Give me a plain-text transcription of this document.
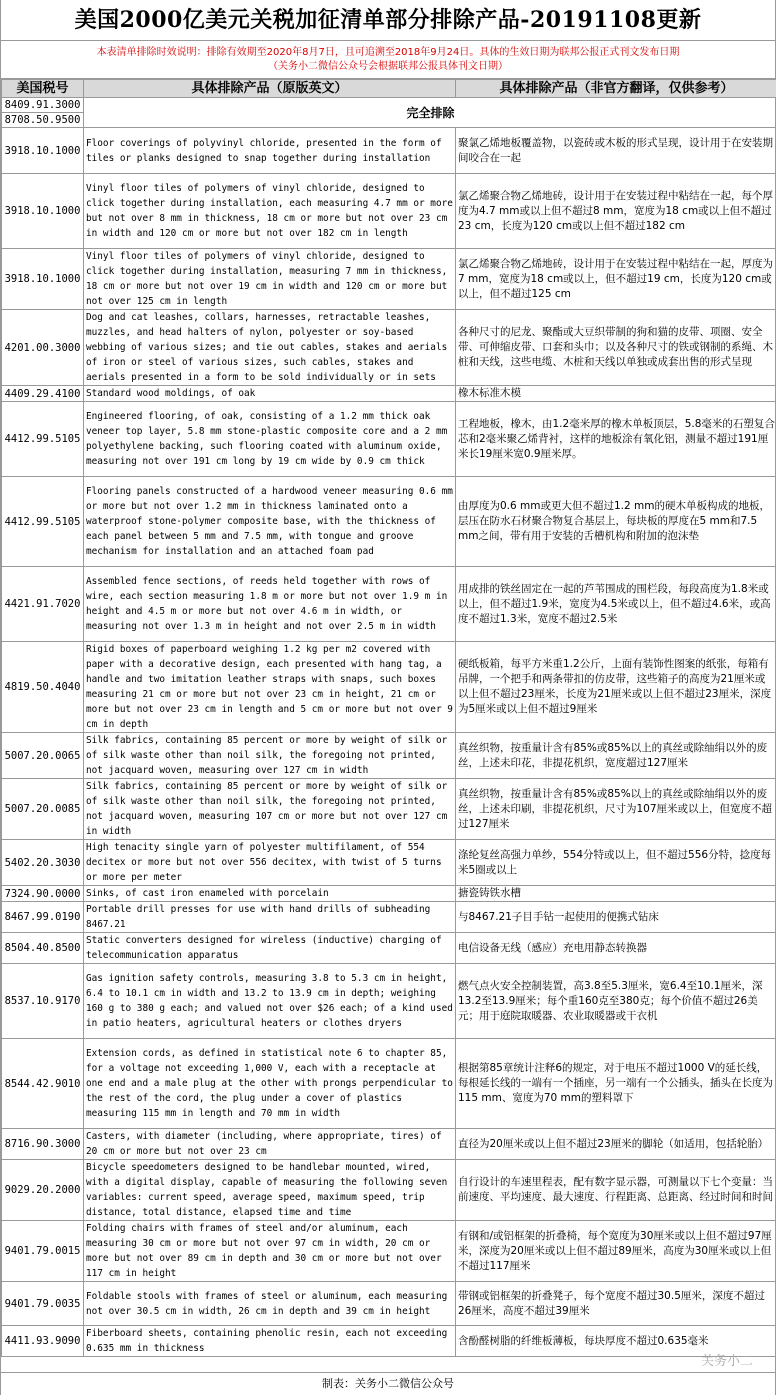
美国2000亿美元关税加征清单部分排除产品-20191108更新
本表清单排除时效说明：排除有效期至2020年8月7日，且可追溯至2018年9月24日。具体的生效日期为联邦公报正式刊文发布日期
（关务小二微信公众号会根据联邦公报具体刊文日期）
美国税号	具体排除产品（原版英文）	具体排除产品（非官方翻译，仅供参考）
8409.91.3000	完全排除	
8708.50.9500		
3918.10.1000	Floor coverings of polyvinyl chloride, presented in the form of tiles or planks designed to snap together during installation	聚氯乙烯地板覆盖物，以瓷砖或木板的形式呈现，设计用于在安装期间咬合在一起
3918.10.1000	Vinyl floor tiles of polymers of vinyl chloride, designed to click together during installation, each measuring 4.7 mm or more but not over 8 mm in thickness, 18 cm or more but not over 23 cm in width and 120 cm or more but not over 182 cm in length	氯乙烯聚合物乙烯地砖，设计用于在安装过程中粘结在一起，每个厚度为4.7 mm或以上但不超过8 mm，宽度为18 cm或以上但不超过23 cm，长度为120 cm或以上但不超过182 cm
3918.10.1000	Vinyl floor tiles of polymers of vinyl chloride, designed to click together during installation, measuring 7 mm in thickness, 18 cm or more but not over 19 cm in width and 120 cm or more but not over 125 cm in length	氯乙烯聚合物乙烯地砖，设计用于在安装过程中粘结在一起，厚度为7 mm，宽度为18 cm或以上，但不超过19 cm，长度为120 cm或以上，但不超过125 cm
4201.00.3000	Dog and cat leashes, collars, harnesses, retractable leashes, muzzles, and head halters of nylon, polyester or soy-based webbing of various sizes; and tie out cables, stakes and aerials of iron or steel of various sizes, such cables, stakes and aerials presented in a form to be sold individually or in sets	各种尺寸的尼龙、聚酯或大豆织带制的狗和猫的皮带、项圈、安全带、可伸缩皮带、口套和头巾；以及各种尺寸的铁或钢制的系绳、木桩和天线，这些电缆、木桩和天线以单独或成套出售的形式呈现
4409.29.4100	Standard wood moldings, of oak	橡木标准木模
4412.99.5105	Engineered flooring, of oak, consisting of a 1.2 mm thick oak veneer top layer, 5.8 mm stone-plastic composite core and a 2 mm polyethylene backing, such flooring coated with aluminum oxide, measuring not over 191 cm long by 19 cm wide by 0.9 cm thick	工程地板，橡木，由1.2毫米厚的橡木单板顶层，5.8毫米的石塑复合芯和2毫米聚乙烯背衬，这样的地板涂有氧化铝，测量不超过191厘米长19厘米宽0.9厘米厚。
4412.99.5105	Flooring panels constructed of a hardwood veneer measuring 0.6 mm or more but not over 1.2 mm in thickness laminated onto a waterproof stone-polymer composite base, with the thickness of each panel between 5 mm and 7.5 mm, with tongue and groove mechanism for installation and an attached foam pad	由厚度为0.6 mm或更大但不超过1.2 mm的硬木单板构成的地板，层压在防水石材聚合物复合基层上，每块板的厚度在5 mm和7.5 mm之间，带有用于安装的舌槽机构和附加的泡沫垫
4421.91.7020	Assembled fence sections, of reeds held together with rows of wire, each section measuring 1.8 m or more but not over 1.9 m in height and 4.5 m or more but not over 4.6 m in width, or measuring not over 1.3 m in height and not over 2.5 m in width	用成排的铁丝固定在一起的芦苇围成的围栏段，每段高度为1.8米或以上，但不超过1.9米，宽度为4.5米或以上，但不超过4.6米，或高度不超过1.3米，宽度不超过2.5米
4819.50.4040	Rigid boxes of paperboard weighing 1.2 kg per m2 covered with paper with a decorative design, each presented with hang tag, a handle and two imitation leather straps with snaps, such boxes measuring 21 cm or more but not over 23 cm in height, 21 cm or more but not over 23 cm in length and 5 cm or more but not over 9 cm in depth	硬纸板箱，每平方米重1.2公斤，上面有装饰性图案的纸张，每箱有吊牌，一个把手和两条带扣的仿皮带，这些箱子的高度为21厘米或以上但不超过23厘米，长度为21厘米或以上但不超过23厘米，深度为5厘米或以上但不超过9厘米
5007.20.0065	Silk fabrics, containing 85 percent or more by weight of silk or of silk waste other than noil silk, the foregoing not printed, not jacquard woven, measuring over 127 cm in width	真丝织物，按重量计含有85%或85%以上的真丝或除䌷绢以外的废丝，上述未印花，非提花机织，宽度超过127厘米
5007.20.0085	Silk fabrics, containing 85 percent or more by weight of silk or of silk waste other than noil silk, the foregoing not printed, not jacquard woven, measuring 107 cm or more but not over 127 cm in width	真丝织物，按重量计含有85%或85%以上的真丝或除䌷绢以外的废丝，上述未印刷，非提花机织，尺寸为107厘米或以上，但宽度不超过127厘米
5402.20.3030	High tenacity single yarn of polyester multifilament, of 554 decitex or more but not over 556 decitex, with twist of 5 turns or more per meter	涤纶复丝高强力单纱，554分特或以上，但不超过556分特，捻度每米5圈或以上
7324.90.0000	Sinks, of cast iron enameled with porcelain	搪瓷铸铁水槽
8467.99.0190	Portable drill presses for use with hand drills of subheading 8467.21	与8467.21子目手钻一起使用的便携式钻床
8504.40.8500	Static converters designed for wireless (inductive) charging of telecommunication apparatus	电信设备无线（感应）充电用静态转换器
8537.10.9170	Gas ignition safety controls, measuring 3.8 to 5.3 cm in height, 6.4 to 10.1 cm in width and 13.2 to 13.9 cm in depth; weighing 160 g to 380 g each; and valued not over $26 each; of a kind used in patio heaters, agricultural heaters or clothes dryers	燃气点火安全控制装置，高3.8至5.3厘米，宽6.4至10.1厘米，深13.2至13.9厘米；每个重160克至380克；每个价值不超过26美元；用于庭院取暖器、农业取暖器或干衣机
8544.42.9010	Extension cords, as defined in statistical note 6 to chapter 85, for a voltage not exceeding 1,000 V, each with a receptacle at one end and a male plug at the other with prongs perpendicular to the rest of the cord, the plug under a cover of plastics measuring 115 mm in length and 70 mm in width	根据第85章统计注释6的规定，对于电压不超过1000 V的延长线，每根延长线的一端有一个插座，另一端有一个公插头，插头在长度为115 mm、宽度为70 mm的塑料罩下
8716.90.3000	Casters, with diameter (including, where appropriate, tires) of 20 cm or more but not over 23 cm	直径为20厘米或以上但不超过23厘米的脚轮（如适用，包括轮胎）
9029.20.2000	Bicycle speedometers designed to be handlebar mounted, wired, with a digital display, capable of measuring the following seven variables: current speed, average speed, maximum speed, trip distance, total distance, elapsed time and time	自行设计的车速里程表，配有数字显示器，可测量以下七个变量：当前速度、平均速度、最大速度、行程距离、总距离、经过时间和时间
9401.79.0015	Folding chairs with frames of steel and/or aluminum, each measuring 30 cm or more but not over 97 cm in width, 20 cm or more but not over 89 cm in depth and 30 cm or more but not over 117 cm in height	有钢和/或铝框架的折叠椅，每个宽度为30厘米或以上但不超过97厘米，深度为20厘米或以上但不超过89厘米，高度为30厘米或以上但不超过117厘米
9401.79.0035	Foldable stools with frames of steel or aluminum, each measuring not over 30.5 cm in width, 26 cm in depth and 39 cm in height	带钢或铝框架的折叠凳子，每个宽度不超过30.5厘米，深度不超过26厘米，高度不超过39厘米
4411.93.9090	Fiberboard sheets, containing phenolic resin, each not exceeding 0.635 mm in thickness	含酚醛树脂的纤维板薄板，每块厚度不超过0.635毫米
关务小二
制表：关务小二微信公众号
